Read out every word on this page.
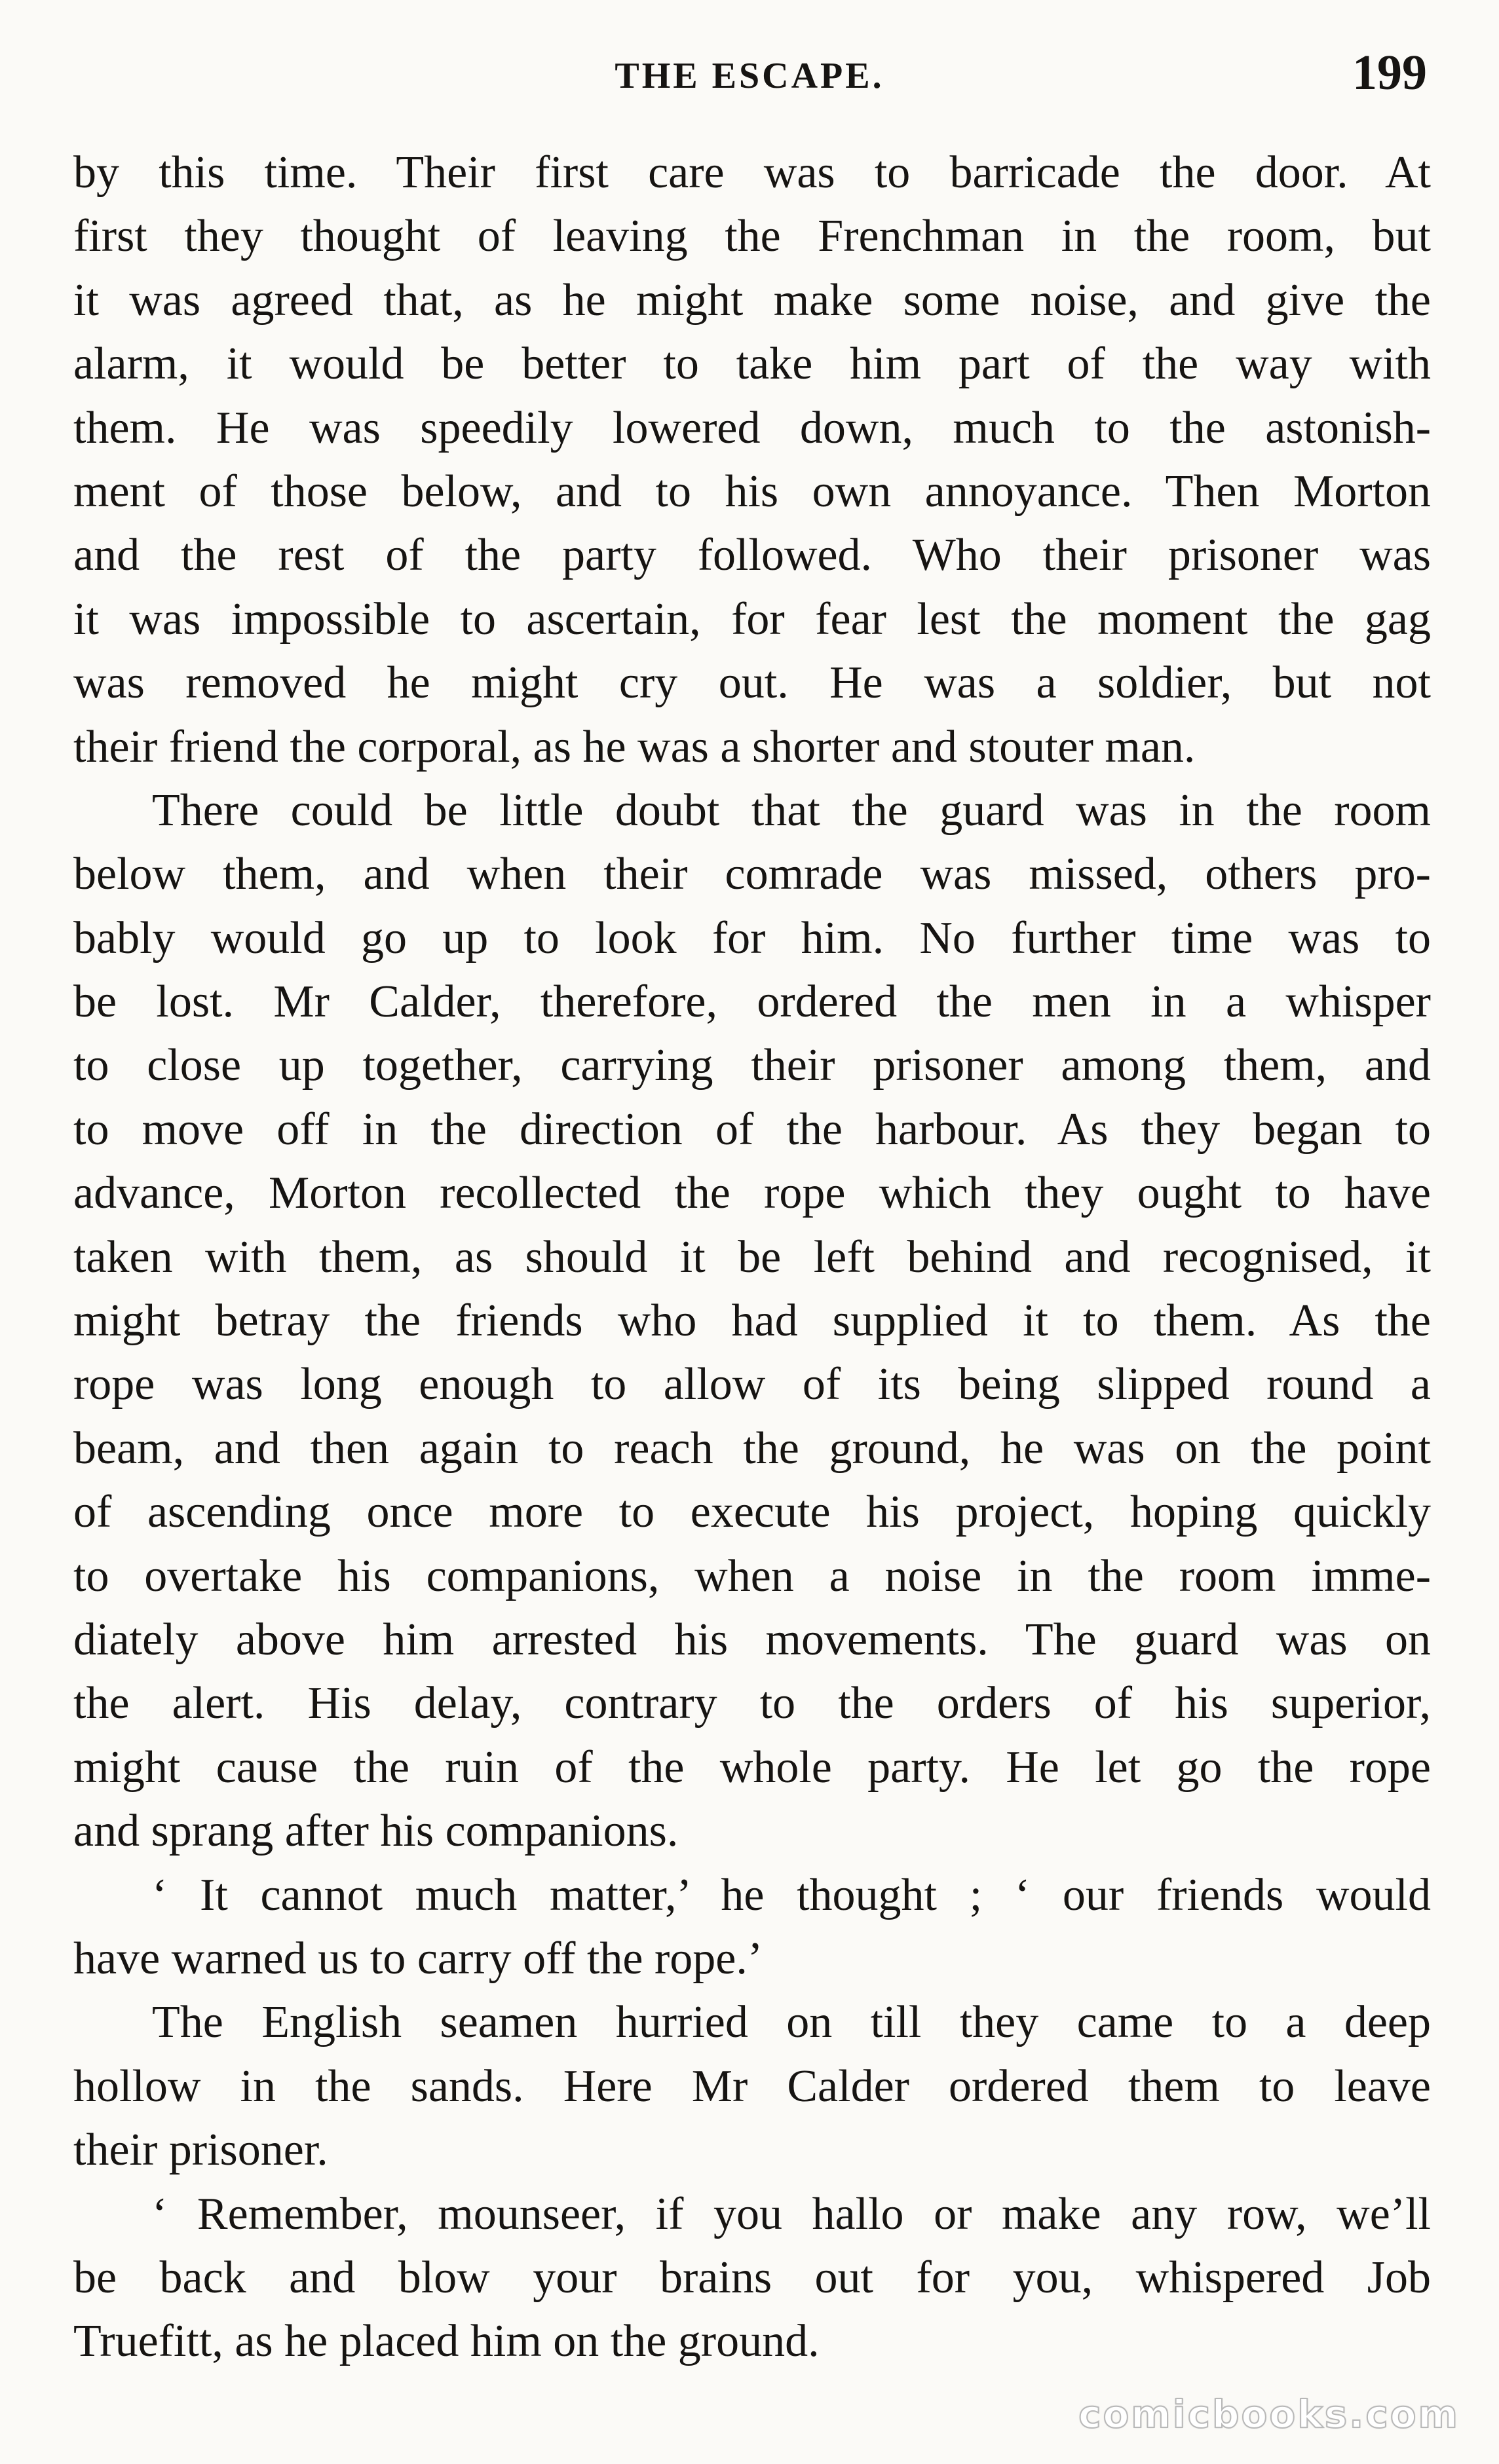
THE ESCAPE.	199
by this time. Their first care was to barricade the door. At
first they thought of leaving the Frenchman in the room, but
it was agreed that, as he might make some noise, and give the
alarm, it would be better to take him part of the way with
them. He was speedily lowered down, much to the astonish-
ment of those below, and to his own annoyance. Then Morton
and the rest of the party followed. Who their prisoner was
it was impossible to ascertain, for fear lest the moment the gag
was removed he might cry out. He was a soldier, but not
their friend the corporal, as he was a shorter and stouter man.
There could be little doubt that the guard was in the room
below them, and when their comrade was missed, others pro-
bably would go up to look for him. No further time was to
be lost. Mr Calder, therefore, ordered the men in a whisper
to close up together, carrying their prisoner among them, and
to move off in the direction of the harbour. As they began to
advance, Morton recollected the rope which they ought to have
taken with them, as should it be left behind and recognised, it
might betray the friends who had supplied it to them. As the
rope was long enough to allow of its being slipped round a
beam, and then again to reach the ground, he was on the point
of ascending once more to execute his project, hoping quickly
to overtake his companions, when a noise in the room imme-
diately above him arrested his movements. The guard was on
the alert. His delay, contrary to the orders of his superior,
might cause the ruin of the whole party. He let go the rope
and sprang after his companions.
‘ It cannot much matter,’ he thought ; ‘ our friends would
have warned us to carry off the rope.’
The English seamen hurried on till they came to a deep
hollow in the sands. Here Mr Calder ordered them to leave
their prisoner.
‘ Remember, mounseer, if you hallo or make any row, we’ll
be back and blow your brains out for you, whispered Job
Truefitt, as he placed him on the ground.
comicbooks.com
